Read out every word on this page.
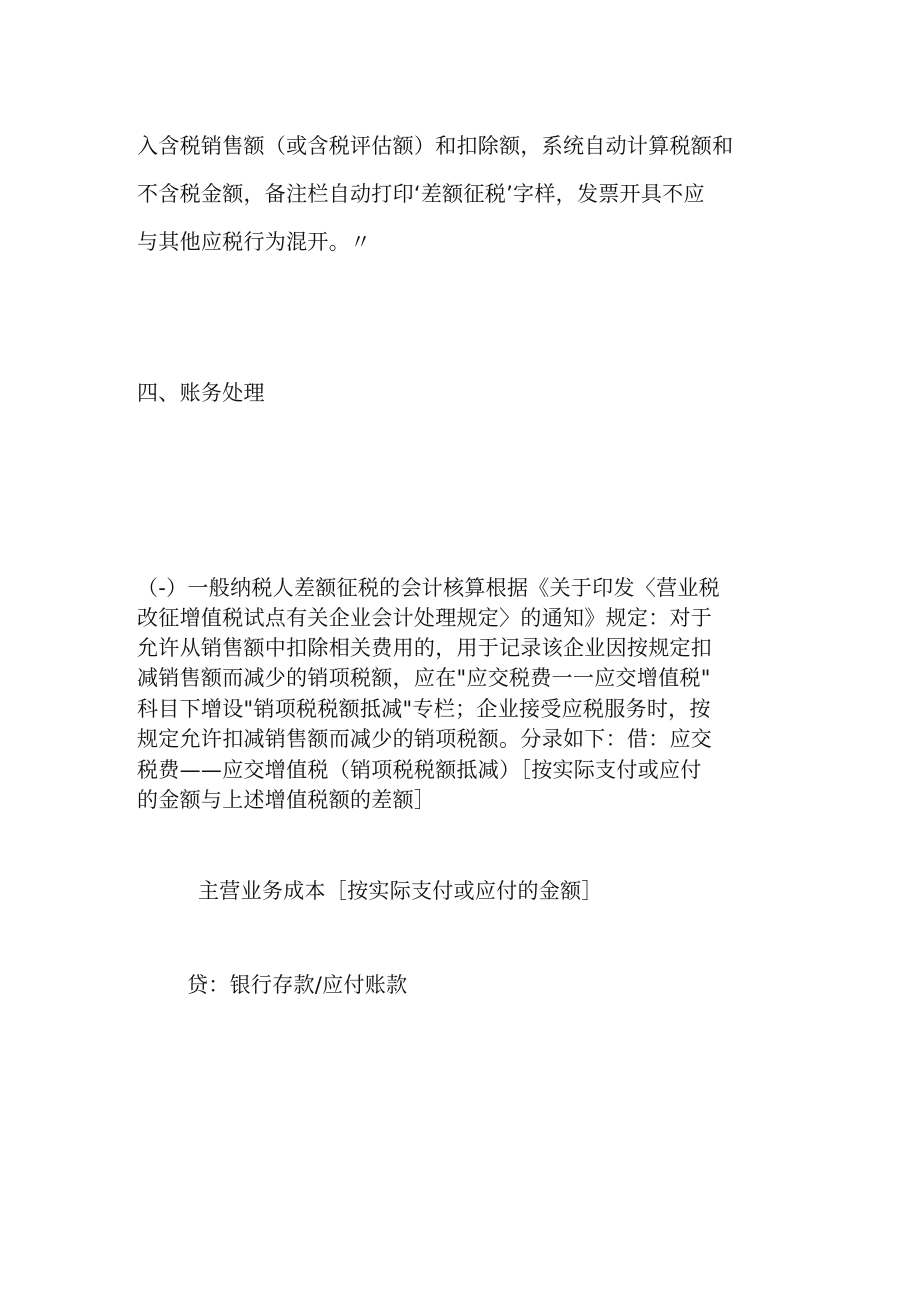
入含税销售额（或含税评估额）和扣除额，系统自动计算税额和
不含税金额，备注栏自动打印‘差额征税’字样，发票开具不应
与其他应税行为混开。〃
四、账务处理
（-）一般纳税人差额征税的会计核算根据《关于印发〈营业税
改征增值税试点有关企业会计处理规定〉的通知》规定：对于
允许从销售额中扣除相关费用的，用于记录该企业因按规定扣
减销售额而减少的销项税额，应在"应交税费一一应交增值税"
科目下增设"销项税税额抵减"专栏；企业接受应税服务时，按
规定允许扣减销售额而减少的销项税额。分录如下：借：应交
税费——应交增值税（销项税税额抵减）［按实际支付或应付
的金额与上述增值税额的差额］
主营业务成本［按实际支付或应付的金额］
贷：银行存款/应付账款
